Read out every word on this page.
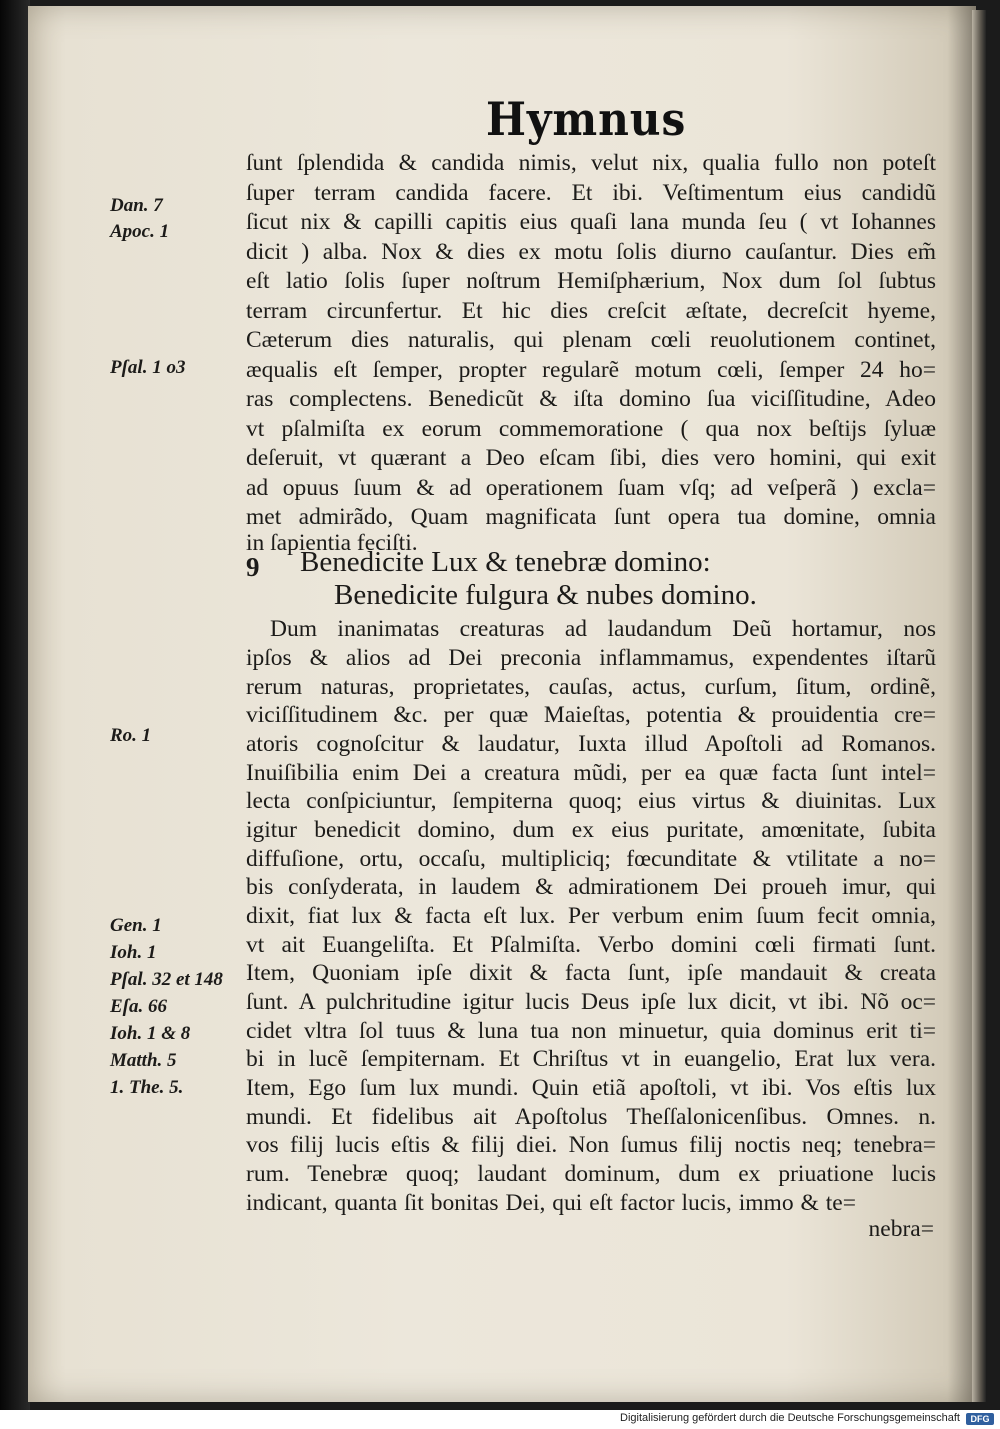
Hymnus
ſunt ſplendida & candida nimis, velut nix, qualia fullo non poteſt
ſuper terram candida facere. Et ibi. Veſtimentum eius candidũ
ſicut nix & capilli capitis eius quaſi lana munda ſeu ( vt Iohannes
dicit ) alba. Nox & dies ex motu ſolis diurno cauſantur. Dies em̃
eſt latio ſolis ſuper noſtrum Hemiſphærium, Nox dum ſol ſubtus
terram circunfertur. Et hic dies creſcit æſtate, decreſcit hyeme,
Cæterum dies naturalis, qui plenam cœli reuolutionem continet,
æqualis eſt ſemper, propter regularẽ motum cœli, ſemper 24 ho=
ras complectens. Benedicũt & iſta domino ſua viciſſitudine, Adeo
vt pſalmiſta ex eorum commemoratione ( qua nox beſtijs ſyluæ
deſeruit, vt quærant a Deo eſcam ſibi, dies vero homini, qui exit
ad opuus ſuum & ad operationem ſuam vſq; ad veſperã ) excla=
met admirãdo, Quam magnificata ſunt opera tua domine, omnia
in ſapientia feciſti.
9 Benedicite Lux & tenebræ domino:
Benedicite fulgura & nubes domino.
Dum inanimatas creaturas ad laudandum Deũ hortamur, nos
ipſos & alios ad Dei preconia inflammamus, expendentes iſtarũ
rerum naturas, proprietates, cauſas, actus, curſum, ſitum, ordinẽ,
viciſſitudinem &c. per quæ Maieſtas, potentia & prouidentia cre=
atoris cognoſcitur & laudatur, Iuxta illud Apoſtoli ad Romanos.
Inuiſibilia enim Dei a creatura mũdi, per ea quæ facta ſunt intel=
lecta conſpiciuntur, ſempiterna quoq; eius virtus & diuinitas. Lux
igitur benedicit domino, dum ex eius puritate, amœnitate, ſubita
diffuſione, ortu, occaſu, multipliciq; fœcunditate & vtilitate a no=
bis conſyderata, in laudem & admirationem Dei proueh imur, qui
dixit, fiat lux & facta eſt lux. Per verbum enim ſuum fecit omnia,
vt ait Euangeliſta. Et Pſalmiſta. Verbo domini cœli firmati ſunt.
Item, Quoniam ipſe dixit & facta ſunt, ipſe mandauit & creata
ſunt. A pulchritudine igitur lucis Deus ipſe lux dicit, vt ibi. Nõ oc=
cidet vltra ſol tuus & luna tua non minuetur, quia dominus erit ti=
bi in lucẽ ſempiternam. Et Chriſtus vt in euangelio, Erat lux vera.
Item, Ego ſum lux mundi. Quin etiã apoſtoli, vt ibi. Vos eſtis lux
mundi. Et fidelibus ait Apoſtolus Theſſalonicenſibus. Omnes. n.
vos filij lucis eſtis & filij diei. Non ſumus filij noctis neq; tenebra=
rum. Tenebræ quoq; laudant dominum, dum ex priuatione lucis
indicant, quanta ſit bonitas Dei, qui eſt factor lucis, immo & te=
nebra=
Dan. 7
Apoc. 1
Pſal. 1 o3
Ro. 1
Gen. 1
Ioh. 1
Pſal. 32 et 148
Eſa. 66
Ioh. 1 & 8
Matth. 5
1. The. 5.
Digitalisierung gefördert durch die Deutsche Forschungsgemeinschaft	DFG
